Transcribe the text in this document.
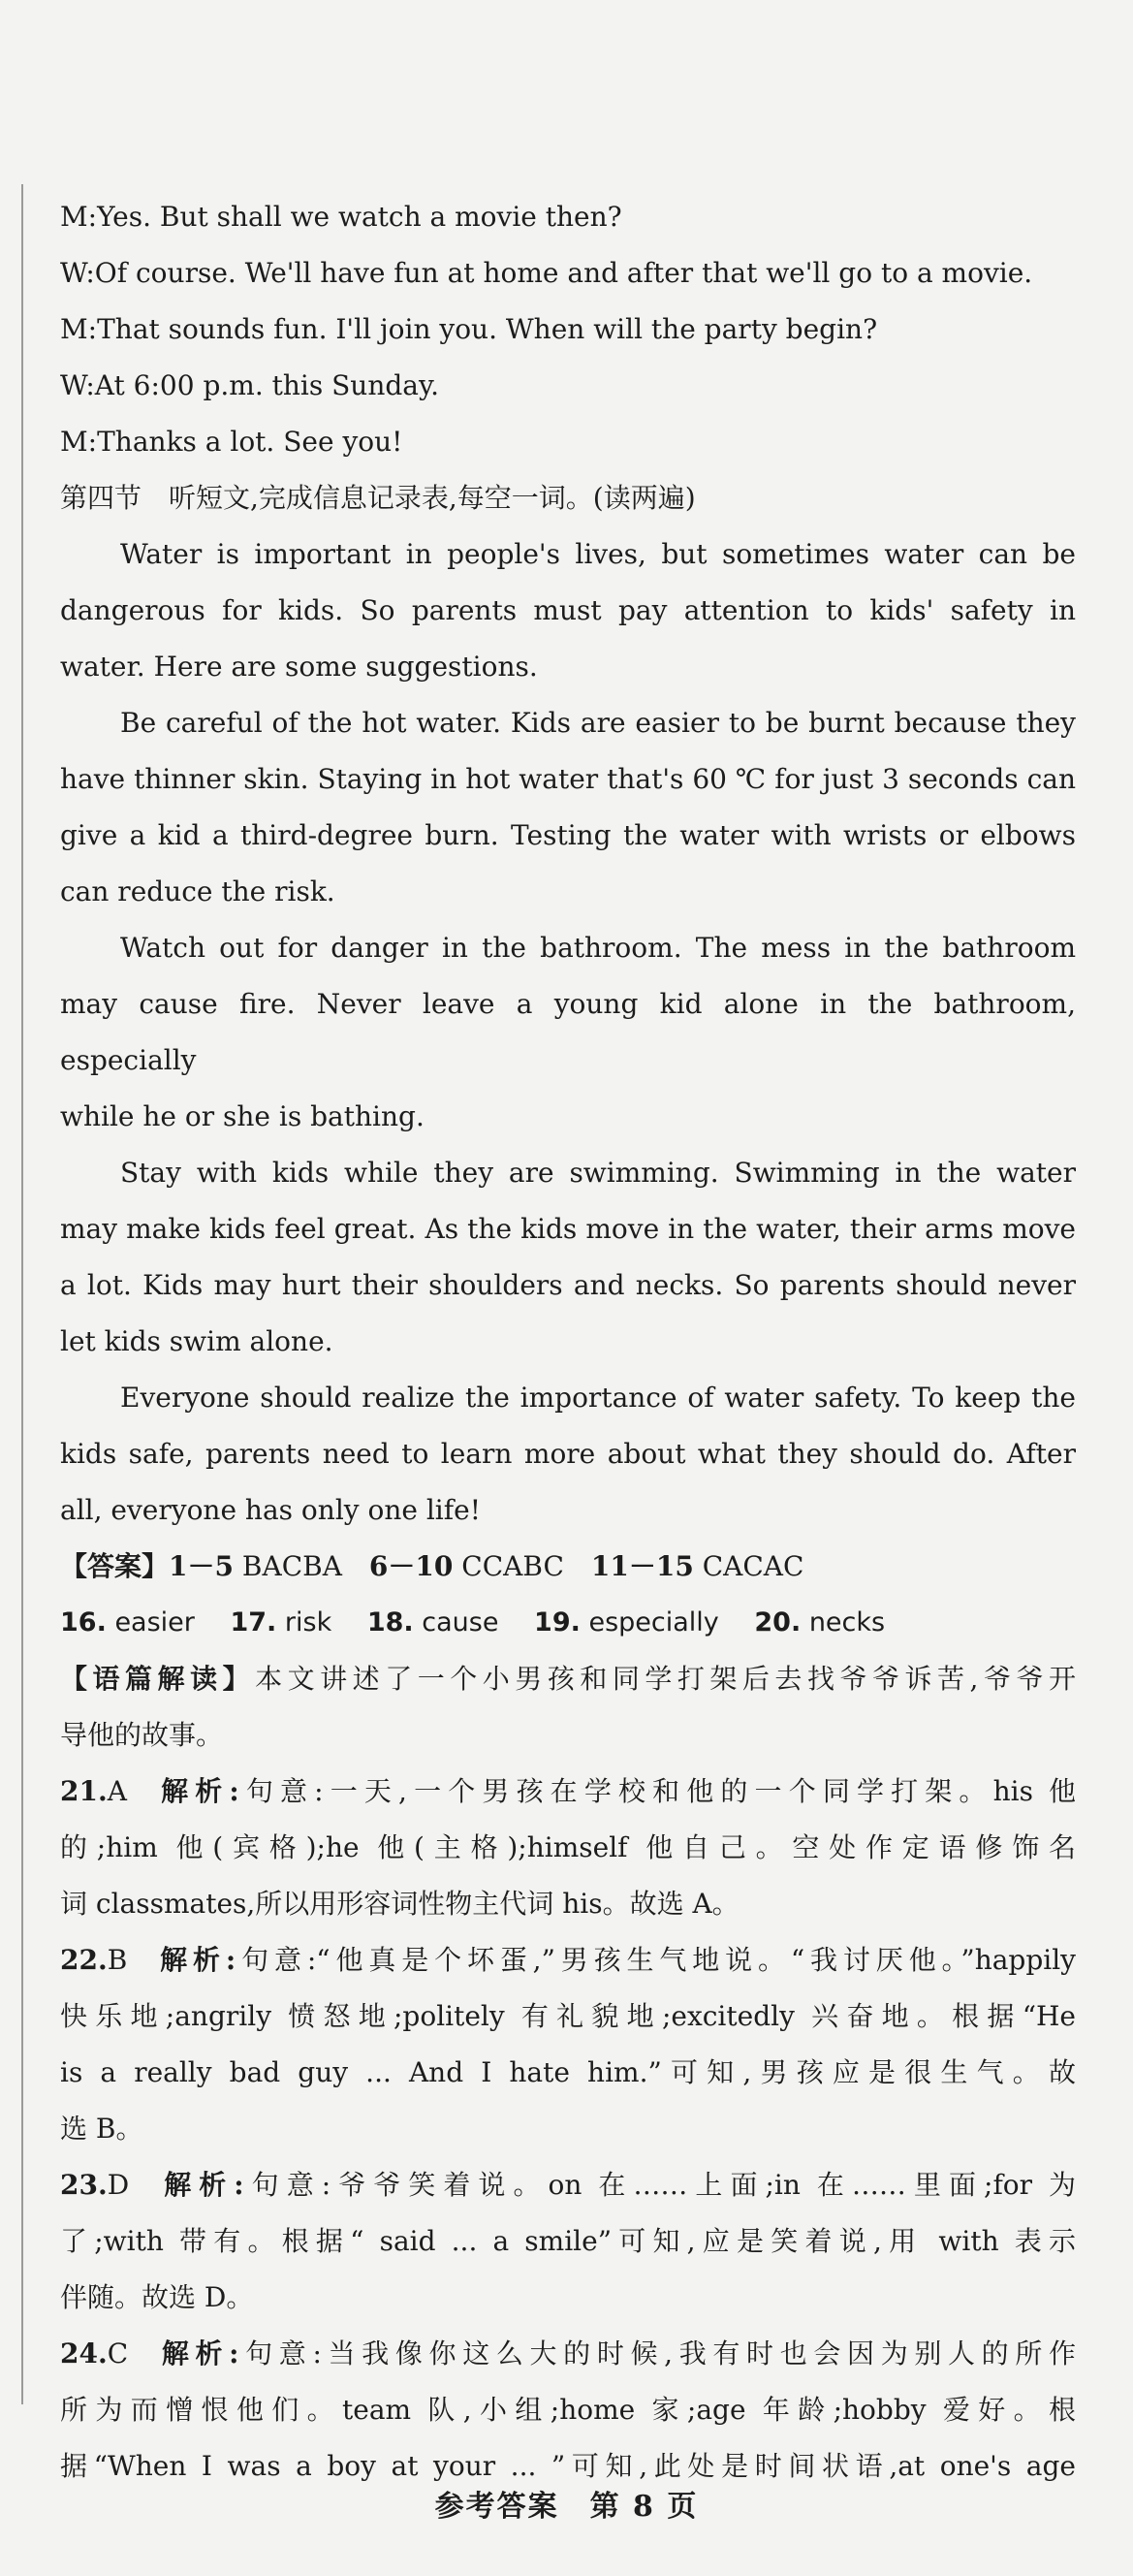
M:Yes. But shall we watch a movie then?
W:Of course. We'll have fun at home and after that we'll go to a movie.
M:That sounds fun. I'll join you. When will the party begin?
W:At 6:00 p.m. this Sunday.
M:Thanks a lot. See you!
第四节　听短文,完成信息记录表,每空一词。(读两遍)
Water is important in people's lives, but sometimes water can be
dangerous for kids. So parents must pay attention to kids' safety in
water. Here are some suggestions.
Be careful of the hot water. Kids are easier to be burnt because they
have thinner skin. Staying in hot water that's 60 ℃ for just 3 seconds can
give a kid a third-degree burn. Testing the water with wrists or elbows
can reduce the risk.
Watch out for danger in the bathroom. The mess in the bathroom
may cause fire. Never leave a young kid alone in the bathroom, especially
while he or she is bathing.
Stay with kids while they are swimming. Swimming in the water
may make kids feel great. As the kids move in the water, their arms move
a lot. Kids may hurt their shoulders and necks. So parents should never
let kids swim alone.
Everyone should realize the importance of water safety. To keep the
kids safe, parents need to learn more about what they should do. After
all, everyone has only one life!
【答案】1－5 BACBA 6－10 CCABC 11－15 CACAC
16. easier 17. risk 18. cause 19. especially 20. necks
【语篇解读】本文讲述了一个小男孩和同学打架后去找爷爷诉苦,爷爷开
导他的故事。
21.A 解析:句意:一天,一个男孩在学校和他的一个同学打架。his 他
的;him 他(宾格);he 他(主格);himself 他自己。空处作定语修饰名
词 classmates,所以用形容词性物主代词 his。故选 A。
22.B 解析:句意:“他真是个坏蛋,”男孩生气地说。“我讨厌他。”happily
快乐地;angrily 愤怒地;politely 有礼貌地;excitedly 兴奋地。根据“He
is a really bad guy ... And I hate him.”可知,男孩应是很生气。故
选 B。
23.D 解析:句意:爷爷笑着说。on 在……上面;in 在……里面;for 为
了;with 带有。根据“ said ... a smile”可知,应是笑着说,用 with 表示
伴随。故选 D。
24.C 解析:句意:当我像你这么大的时候,我有时也会因为别人的所作
所为而憎恨他们。team 队,小组;home 家;age 年龄;hobby 爱好。根
据“When I was a boy at your ... ”可知,此处是时间状语,at one's age
参考答案　第 8 页
